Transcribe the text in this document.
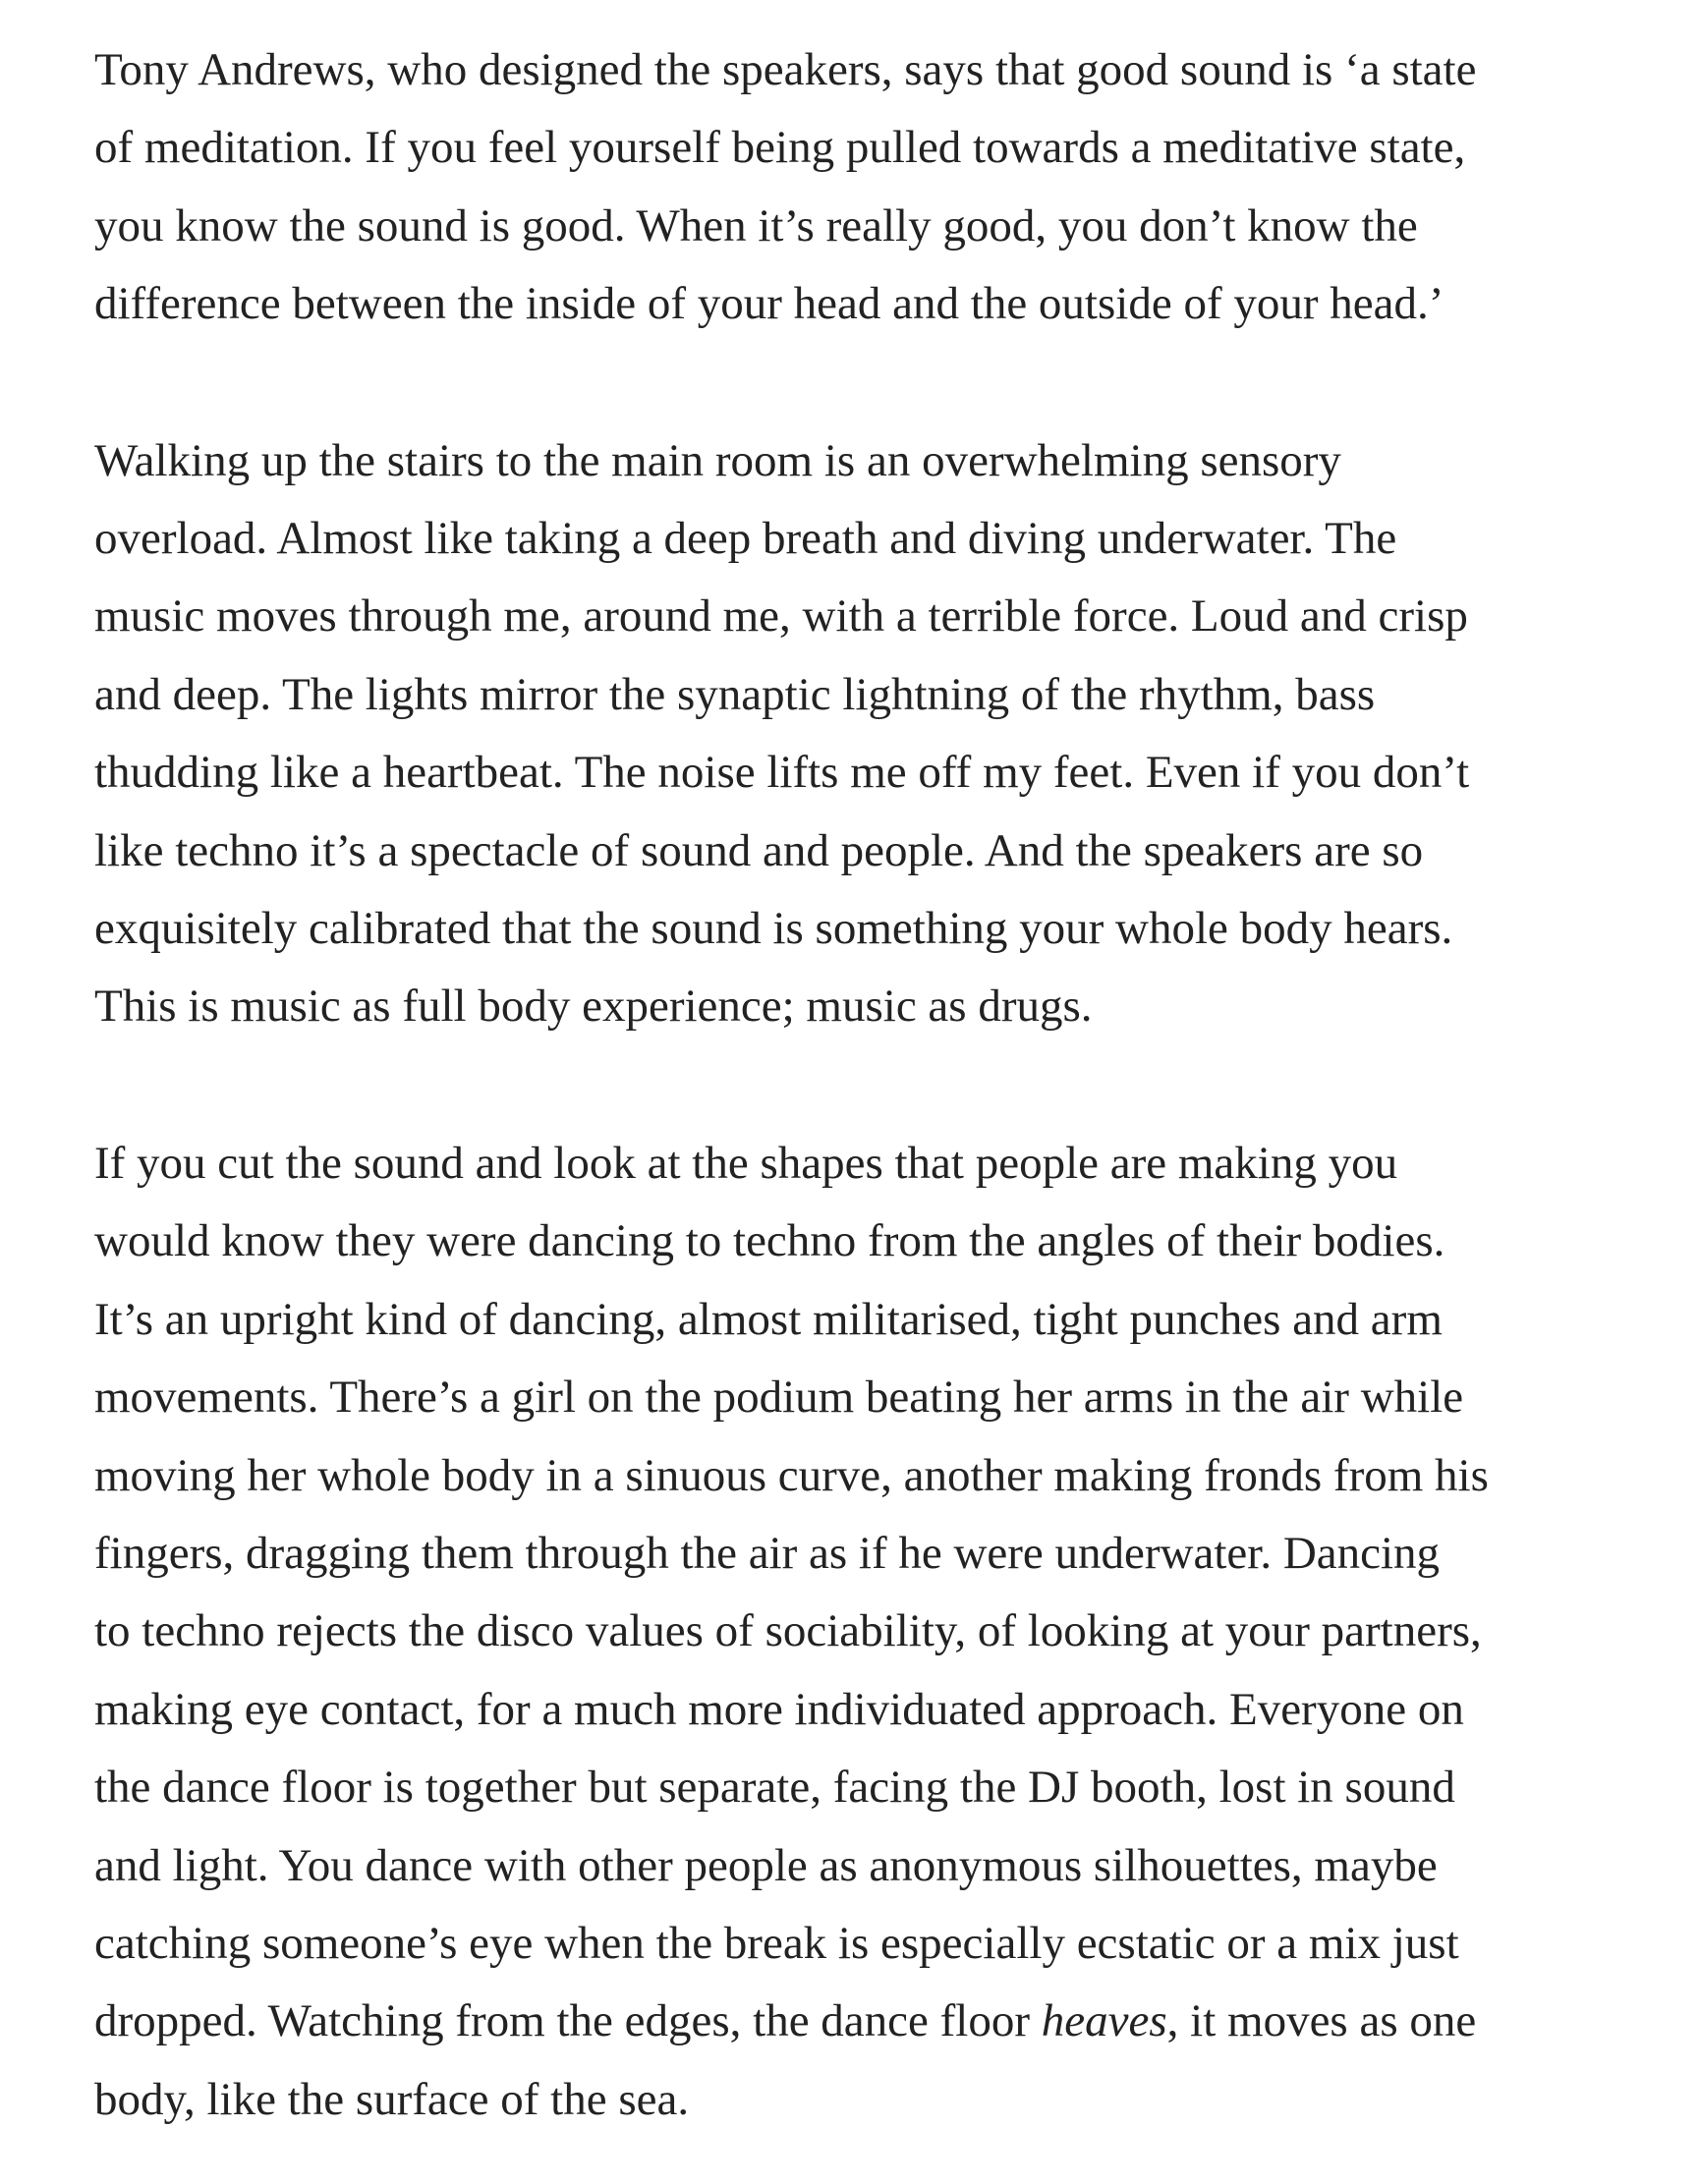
Tony Andrews, who designed the speakers, says that good sound is ‘a state
of meditation. If you feel yourself being pulled towards a meditative state,
you know the sound is good. When it’s really good, you don’t know the
difference between the inside of your head and the outside of your head.’

Walking up the stairs to the main room is an overwhelming sensory
overload. Almost like taking a deep breath and diving underwater. The
music moves through me, around me, with a terrible force. Loud and crisp
and deep. The lights mirror the synaptic lightning of the rhythm, bass
thudding like a heartbeat. The noise lifts me off my feet. Even if you don’t
like techno it’s a spectacle of sound and people. And the speakers are so
exquisitely calibrated that the sound is something your whole body hears.
This is music as full body experience; music as drugs.

If you cut the sound and look at the shapes that people are making you
would know they were dancing to techno from the angles of their bodies.
It’s an upright kind of dancing, almost militarised, tight punches and arm
movements. There’s a girl on the podium beating her arms in the air while
moving her whole body in a sinuous curve, another making fronds from his
fingers, dragging them through the air as if he were underwater. Dancing
to techno rejects the disco values of sociability, of looking at your partners,
making eye contact, for a much more individuated approach. Everyone on
the dance floor is together but separate, facing the DJ booth, lost in sound
and light. You dance with other people as anonymous silhouettes, maybe
catching someone’s eye when the break is especially ecstatic or a mix just
dropped. Watching from the edges, the dance floor heaves, it moves as one
body, like the surface of the sea.
